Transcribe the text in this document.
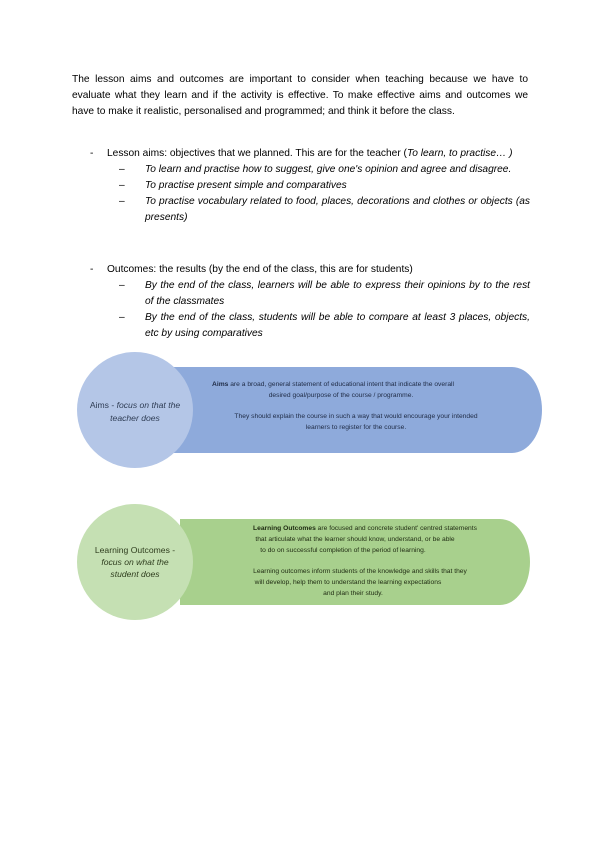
The lesson aims and outcomes are important to consider when teaching because we have to evaluate what they learn and if the activity is effective. To make effective aims and outcomes we have to make it realistic, personalised and programmed; and think it before the class.
- Lesson aims: objectives that we planned. This are for the teacher (To learn, to practise… )
– To learn and practise how to suggest, give one's opinion and agree and disagree.
– To practise present simple and comparatives
– To practise vocabulary related to food, places, decorations and clothes or objects (as presents)
- Outcomes: the results (by the end of the class, this are for students)
– By the end of the class, learners will be able to express their opinions by to the rest of the classmates
– By the end of the class, students will be able to compare at least 3 places, objects, etc by using comparatives
Aims - focus on that the
teacher does
Aims are a broad, general statement of educational intent that indicate the overall
desired goal/purpose of the course / programme.
They should explain the course in such a way that would encourage your intended
learners to register for the course.
Learning Outcomes -
focus on what the
student does
Learning Outcomes are focused and concrete student' centred statements
that articulate what the learner should know, understand, or be able
to do on successful completion of the period of learning.
Learning outcomes inform students of the knowledge and skills that they
will develop, help them to understand the learning expectations
and plan their study.
